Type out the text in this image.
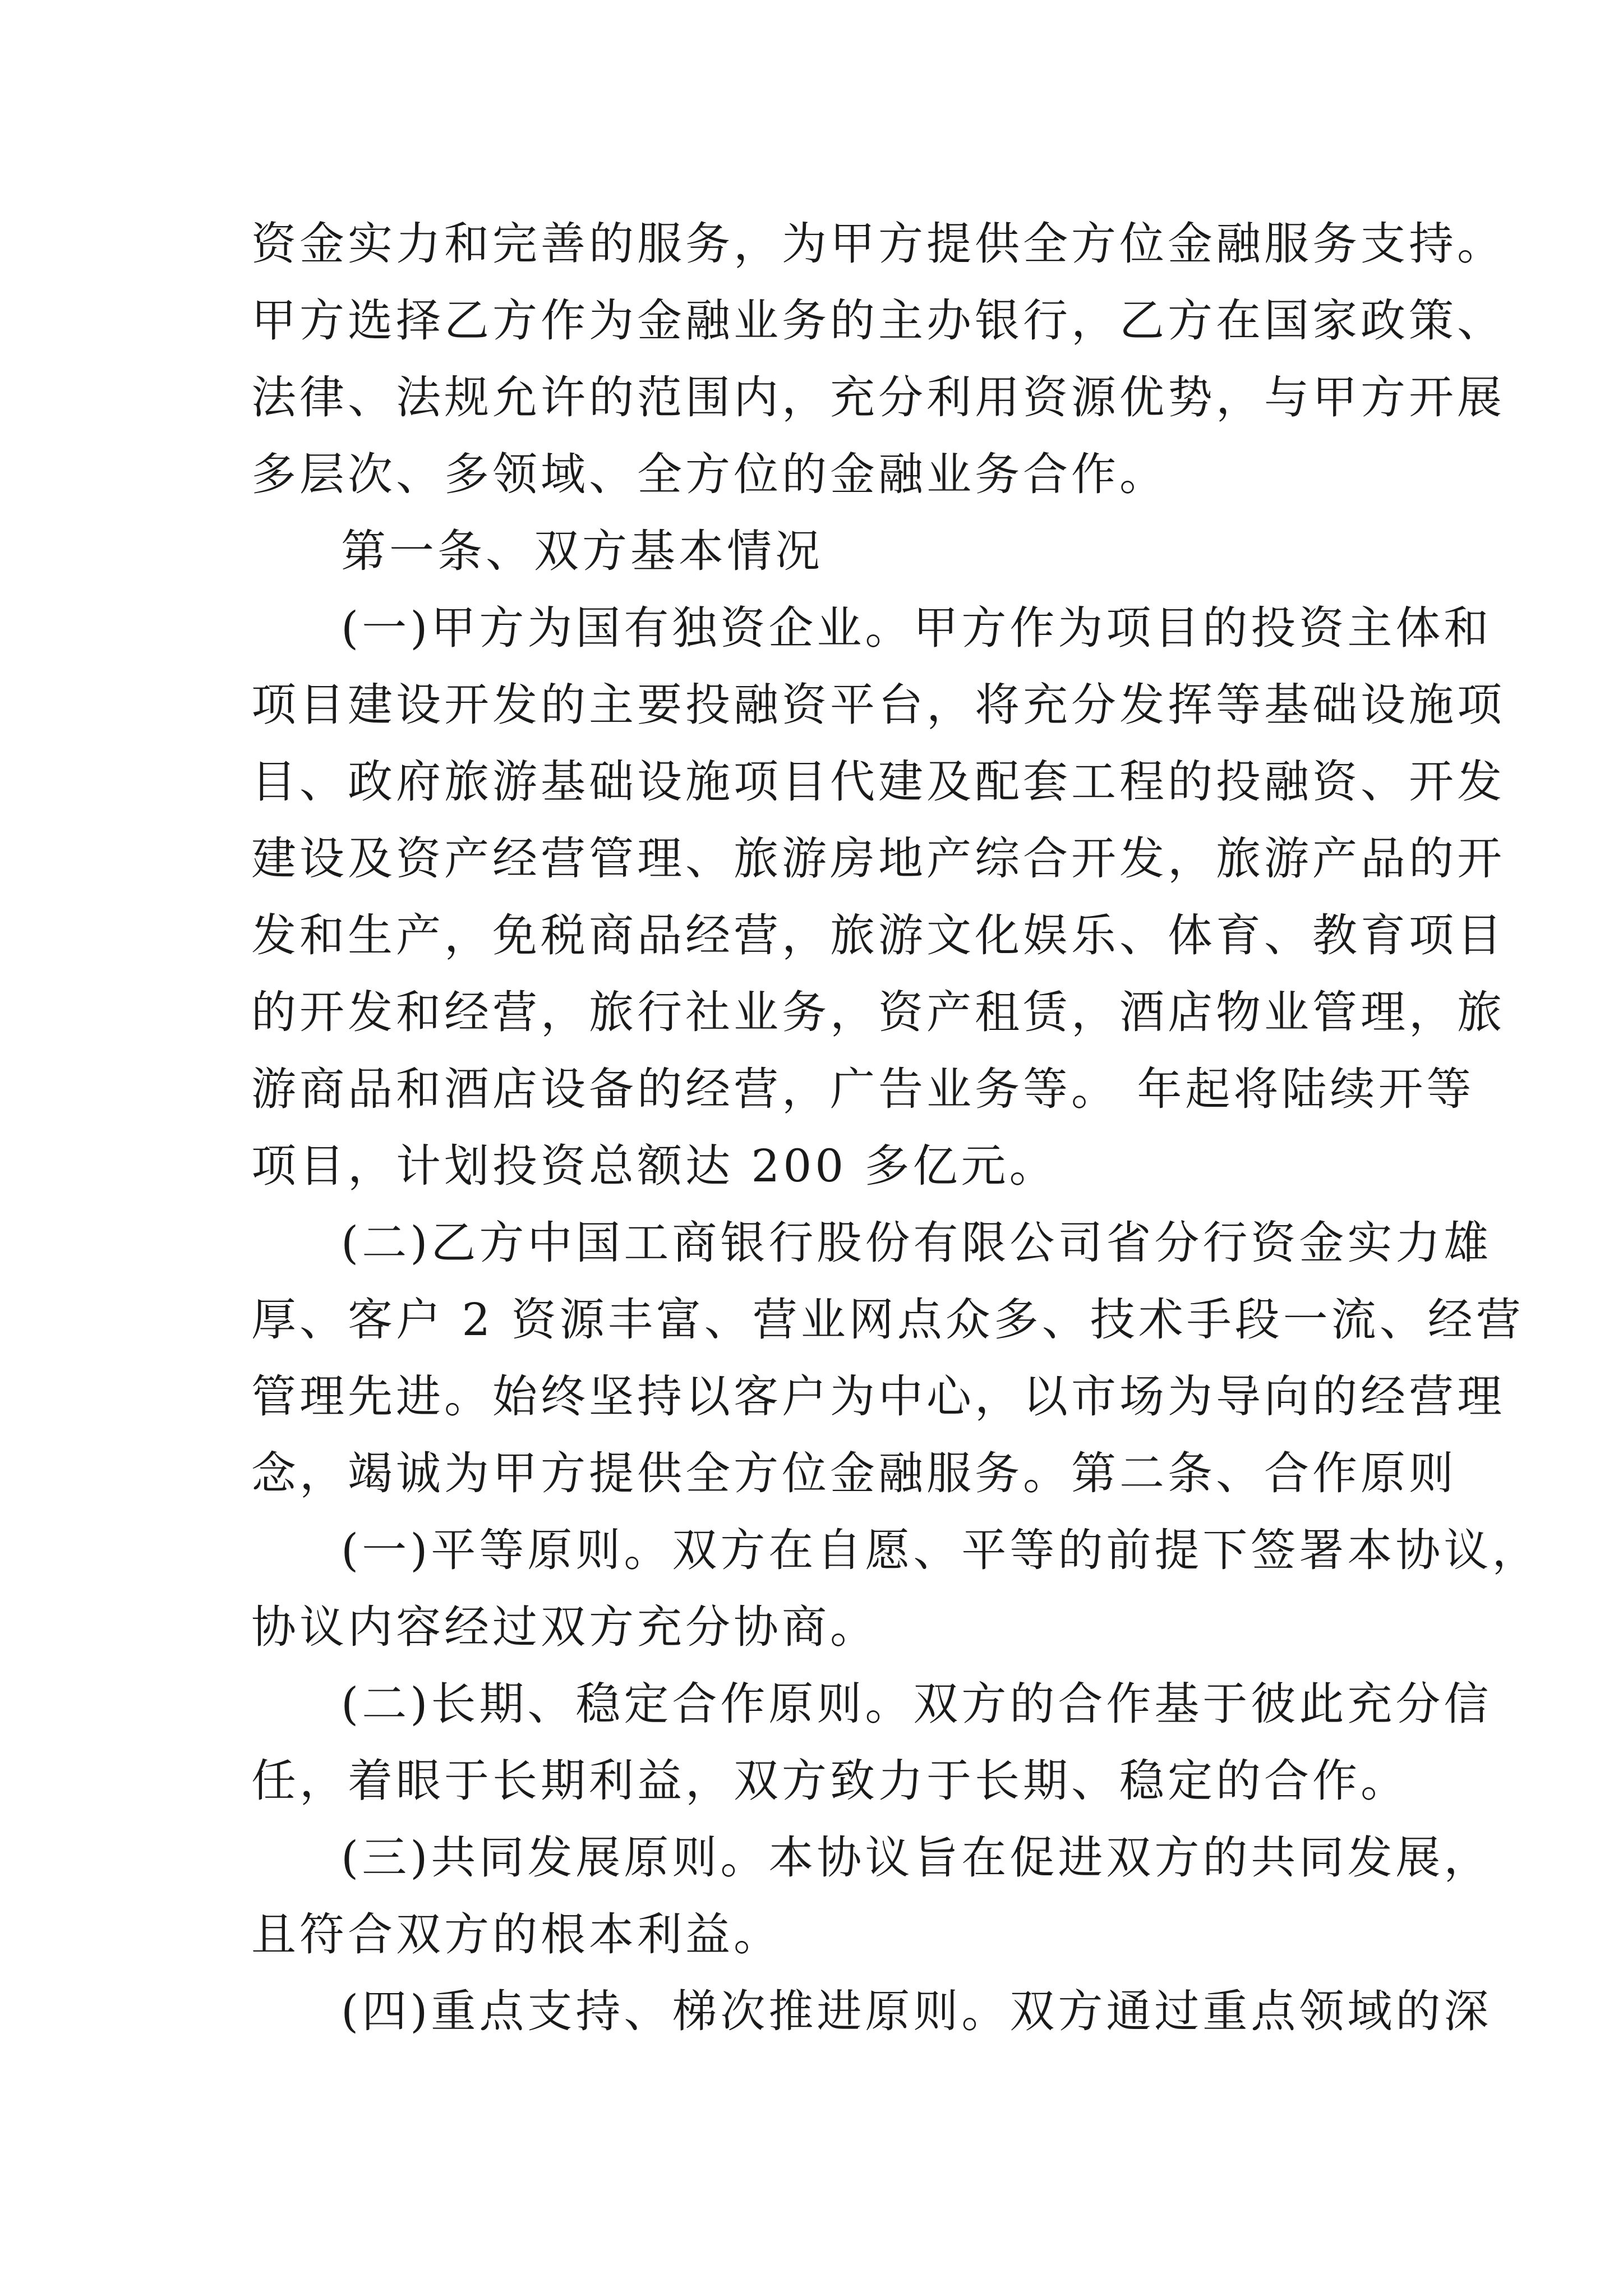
资金实力和完善的服务，为甲方提供全方位金融服务支持。
甲方选择乙方作为金融业务的主办银行，乙方在国家政策、
法律、法规允许的范围内，充分利用资源优势，与甲方开展
多层次、多领域、全方位的金融业务合作。
第一条、双方基本情况
(一)甲方为国有独资企业。甲方作为项目的投资主体和
项目建设开发的主要投融资平台，将充分发挥等基础设施项
目、政府旅游基础设施项目代建及配套工程的投融资、开发
建设及资产经营管理、旅游房地产综合开发，旅游产品的开
发和生产，免税商品经营，旅游文化娱乐、体育、教育项目
的开发和经营，旅行社业务，资产租赁，酒店物业管理，旅
游商品和酒店设备的经营，广告业务等。 年起将陆续开等
项目，计划投资总额达 200 多亿元。
(二)乙方中国工商银行股份有限公司省分行资金实力雄
厚、客户 2 资源丰富、营业网点众多、技术手段一流、经营
管理先进。始终坚持以客户为中心，以市场为导向的经营理
念，竭诚为甲方提供全方位金融服务。第二条、合作原则
(一)平等原则。双方在自愿、平等的前提下签署本协议，
协议内容经过双方充分协商。
(二)长期、稳定合作原则。双方的合作基于彼此充分信
任，着眼于长期利益，双方致力于长期、稳定的合作。
(三)共同发展原则。本协议旨在促进双方的共同发展，
且符合双方的根本利益。
(四)重点支持、梯次推进原则。双方通过重点领域的深
